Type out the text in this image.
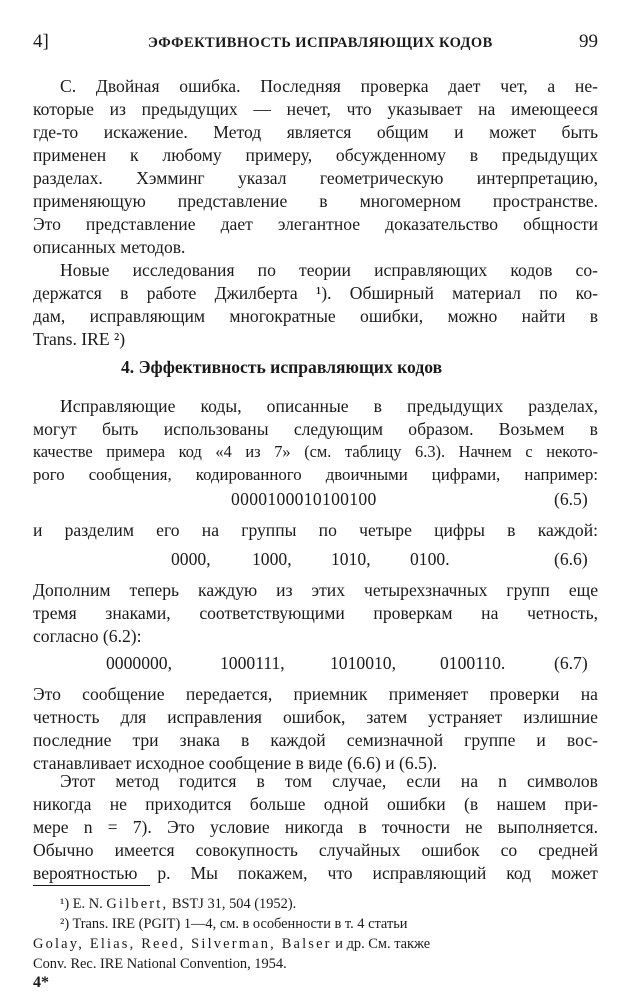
4]	ЭФФЕКТИВНОСТЬ ИСПРАВЛЯЮЩИХ КОДОВ	99
С. Двойная ошибка. Последняя проверка дает чет, а не-
которые из предыдущих — нечет, что указывает на имеющееся
где-то искажение. Метод является общим и может быть
применен к любому примеру, обсужденному в предыдущих
разделах. Хэмминг указал геометрическую интерпретацию,
применяющую представление в многомерном пространстве.
Это представление дает элегантное доказательство общности
описанных методов.
Новые исследования по теории исправляющих кодов со-
держатся в работе Джилберта ¹). Обширный материал по ко-
дам, исправляющим многократные ошибки, можно найти в
Trans. IRE ²)
4. Эффективность исправляющих кодов
Исправляющие коды, описанные в предыдущих разделах,
могут быть использованы следующим образом. Возьмем в
качестве примера код «4 из 7» (см. таблицу 6.3). Начнем с некото-
рого сообщения, кодированного двоичными цифрами, например:
0000100010100100	(6.5)
и разделим его на группы по четыре цифры в каждой:
0000, 1000, 1010, 0100.	(6.6)
Дополним теперь каждую из этих четырехзначных групп еще
тремя знаками, соответствующими проверкам на четность,
согласно (6.2):
0000000,	1000111,	1010010,	0100110.	(6.7)
Это сообщение передается, приемник применяет проверки на
четность для исправления ошибок, затем устраняет излишние
последние три знака в каждой семизначной группе и вос-
станавливает исходное сообщение в виде (6.6) и (6.5).
Этот метод годится в том случае, если на n символов
никогда не приходится больше одной ошибки (в нашем при-
мере n = 7). Это условие никогда в точности не выполняется.
Обычно имеется совокупность случайных ошибок со средней
вероятностью p. Мы покажем, что исправляющий код может
¹) E. N. Gilbert, BSTJ 31, 504 (1952).
²) Trans. IRE (PGIT) 1—4, см. в особенности в т. 4 статьи
Golay, Elias, Reed, Silverman, Balser и др. См. также
Conv. Rec. IRE National Convention, 1954.
4*
